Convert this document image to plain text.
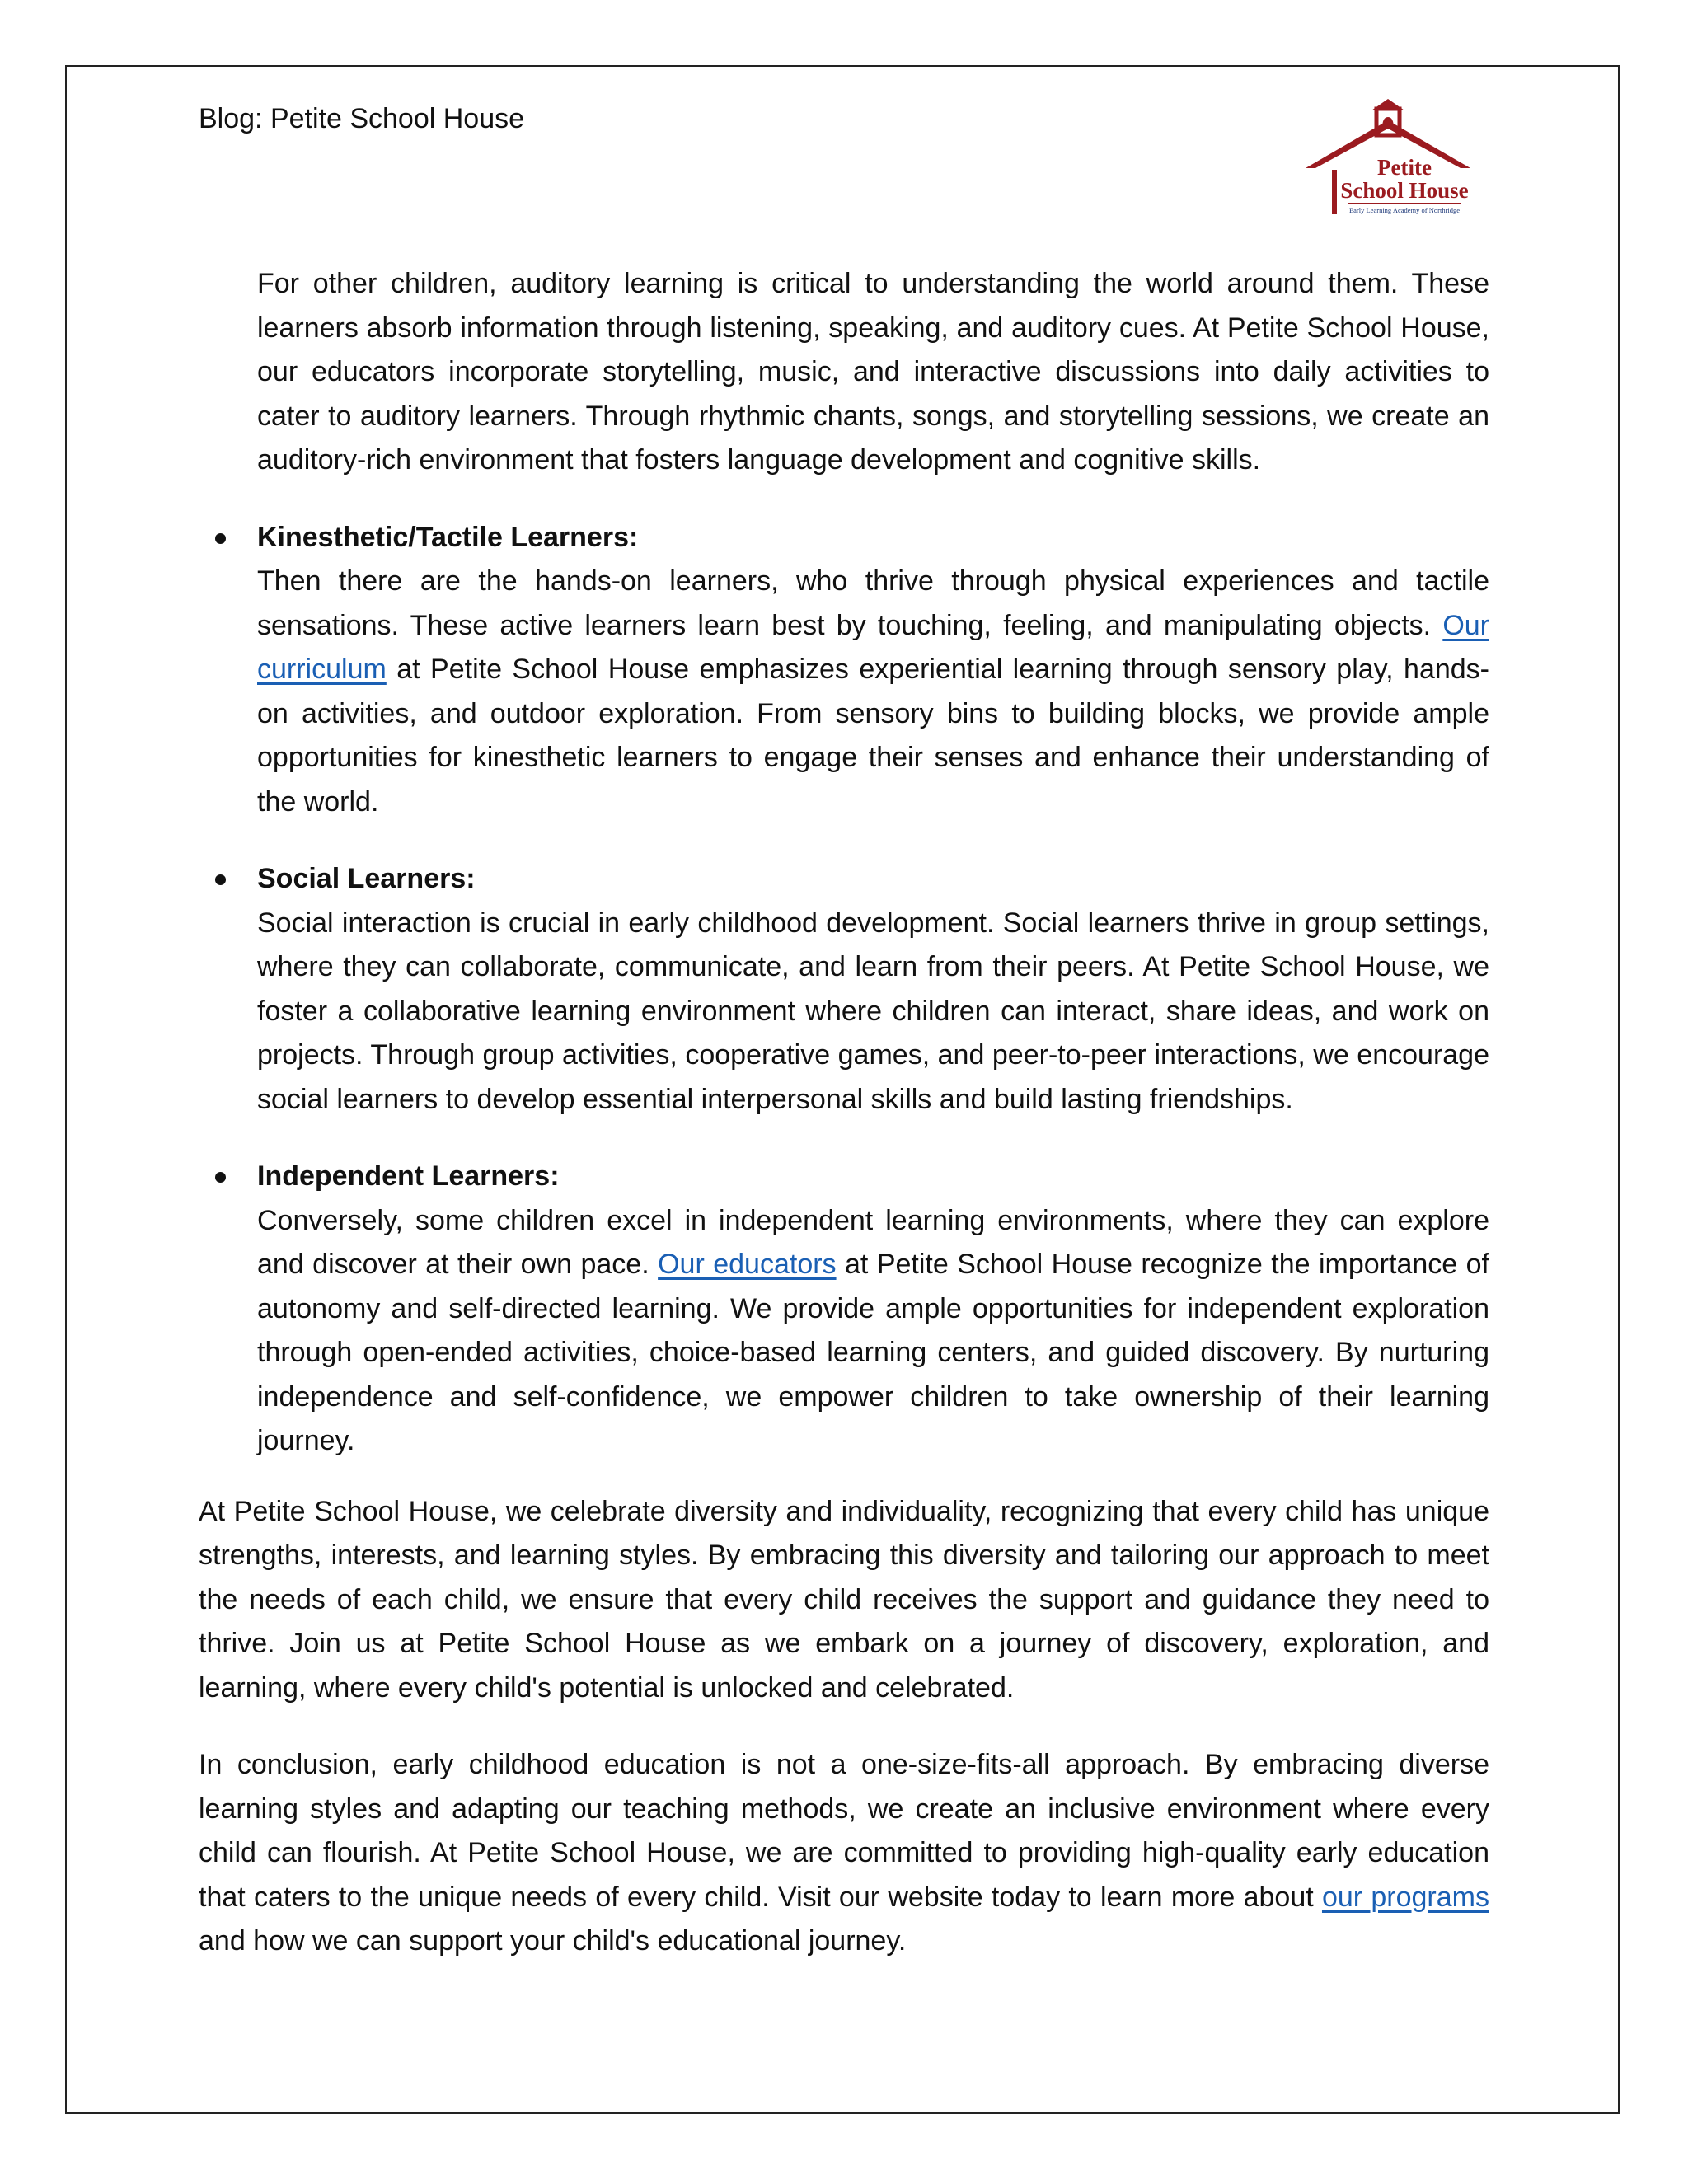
Blog: Petite School House
Petite
School House
Early Learning Academy of Northridge

For other children, auditory learning is critical to understanding the world around them. These learners absorb information through listening, speaking, and auditory cues. At Petite School House, our educators incorporate storytelling, music, and interactive discussions into daily activities to cater to auditory learners. Through rhythmic chants, songs, and storytelling sessions, we create an auditory-rich environment that fosters language development and cognitive skills.

Kinesthetic/Tactile Learners:

Then there are the hands-on learners, who thrive through physical experiences and tactile sensations. These active learners learn best by touching, feeling, and manipulating objects. Our curriculum at Petite School House emphasizes experiential learning through sensory play, hands-on activities, and outdoor exploration. From sensory bins to building blocks, we provide ample opportunities for kinesthetic learners to engage their senses and enhance their understanding of the world.

Social Learners:

Social interaction is crucial in early childhood development. Social learners thrive in group settings, where they can collaborate, communicate, and learn from their peers. At Petite School House, we foster a collaborative learning environment where children can interact, share ideas, and work on projects. Through group activities, cooperative games, and peer-to-peer interactions, we encourage social learners to develop essential interpersonal skills and build lasting friendships.

Independent Learners:

Conversely, some children excel in independent learning environments, where they can explore and discover at their own pace. Our educators at Petite School House recognize the importance of autonomy and self-directed learning. We provide ample opportunities for independent exploration through open-ended activities, choice-based learning centers, and guided discovery. By nurturing independence and self-confidence, we empower children to take ownership of their learning journey.

At Petite School House, we celebrate diversity and individuality, recognizing that every child has unique strengths, interests, and learning styles. By embracing this diversity and tailoring our approach to meet the needs of each child, we ensure that every child receives the support and guidance they need to thrive. Join us at Petite School House as we embark on a journey of discovery, exploration, and learning, where every child's potential is unlocked and celebrated.

In conclusion, early childhood education is not a one-size-fits-all approach. By embracing diverse learning styles and adapting our teaching methods, we create an inclusive environment where every child can flourish. At Petite School House, we are committed to providing high-quality early education that caters to the unique needs of every child. Visit our website today to learn more about our programs and how we can support your child's educational journey.
